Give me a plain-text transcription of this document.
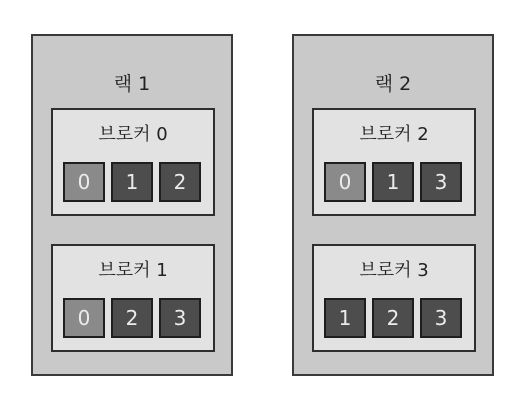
랙 1
브로커 0
0	1	2
브로커 1
0	2	3
랙 2
브로커 2
0	1	3
브로커 3
1	2	3
